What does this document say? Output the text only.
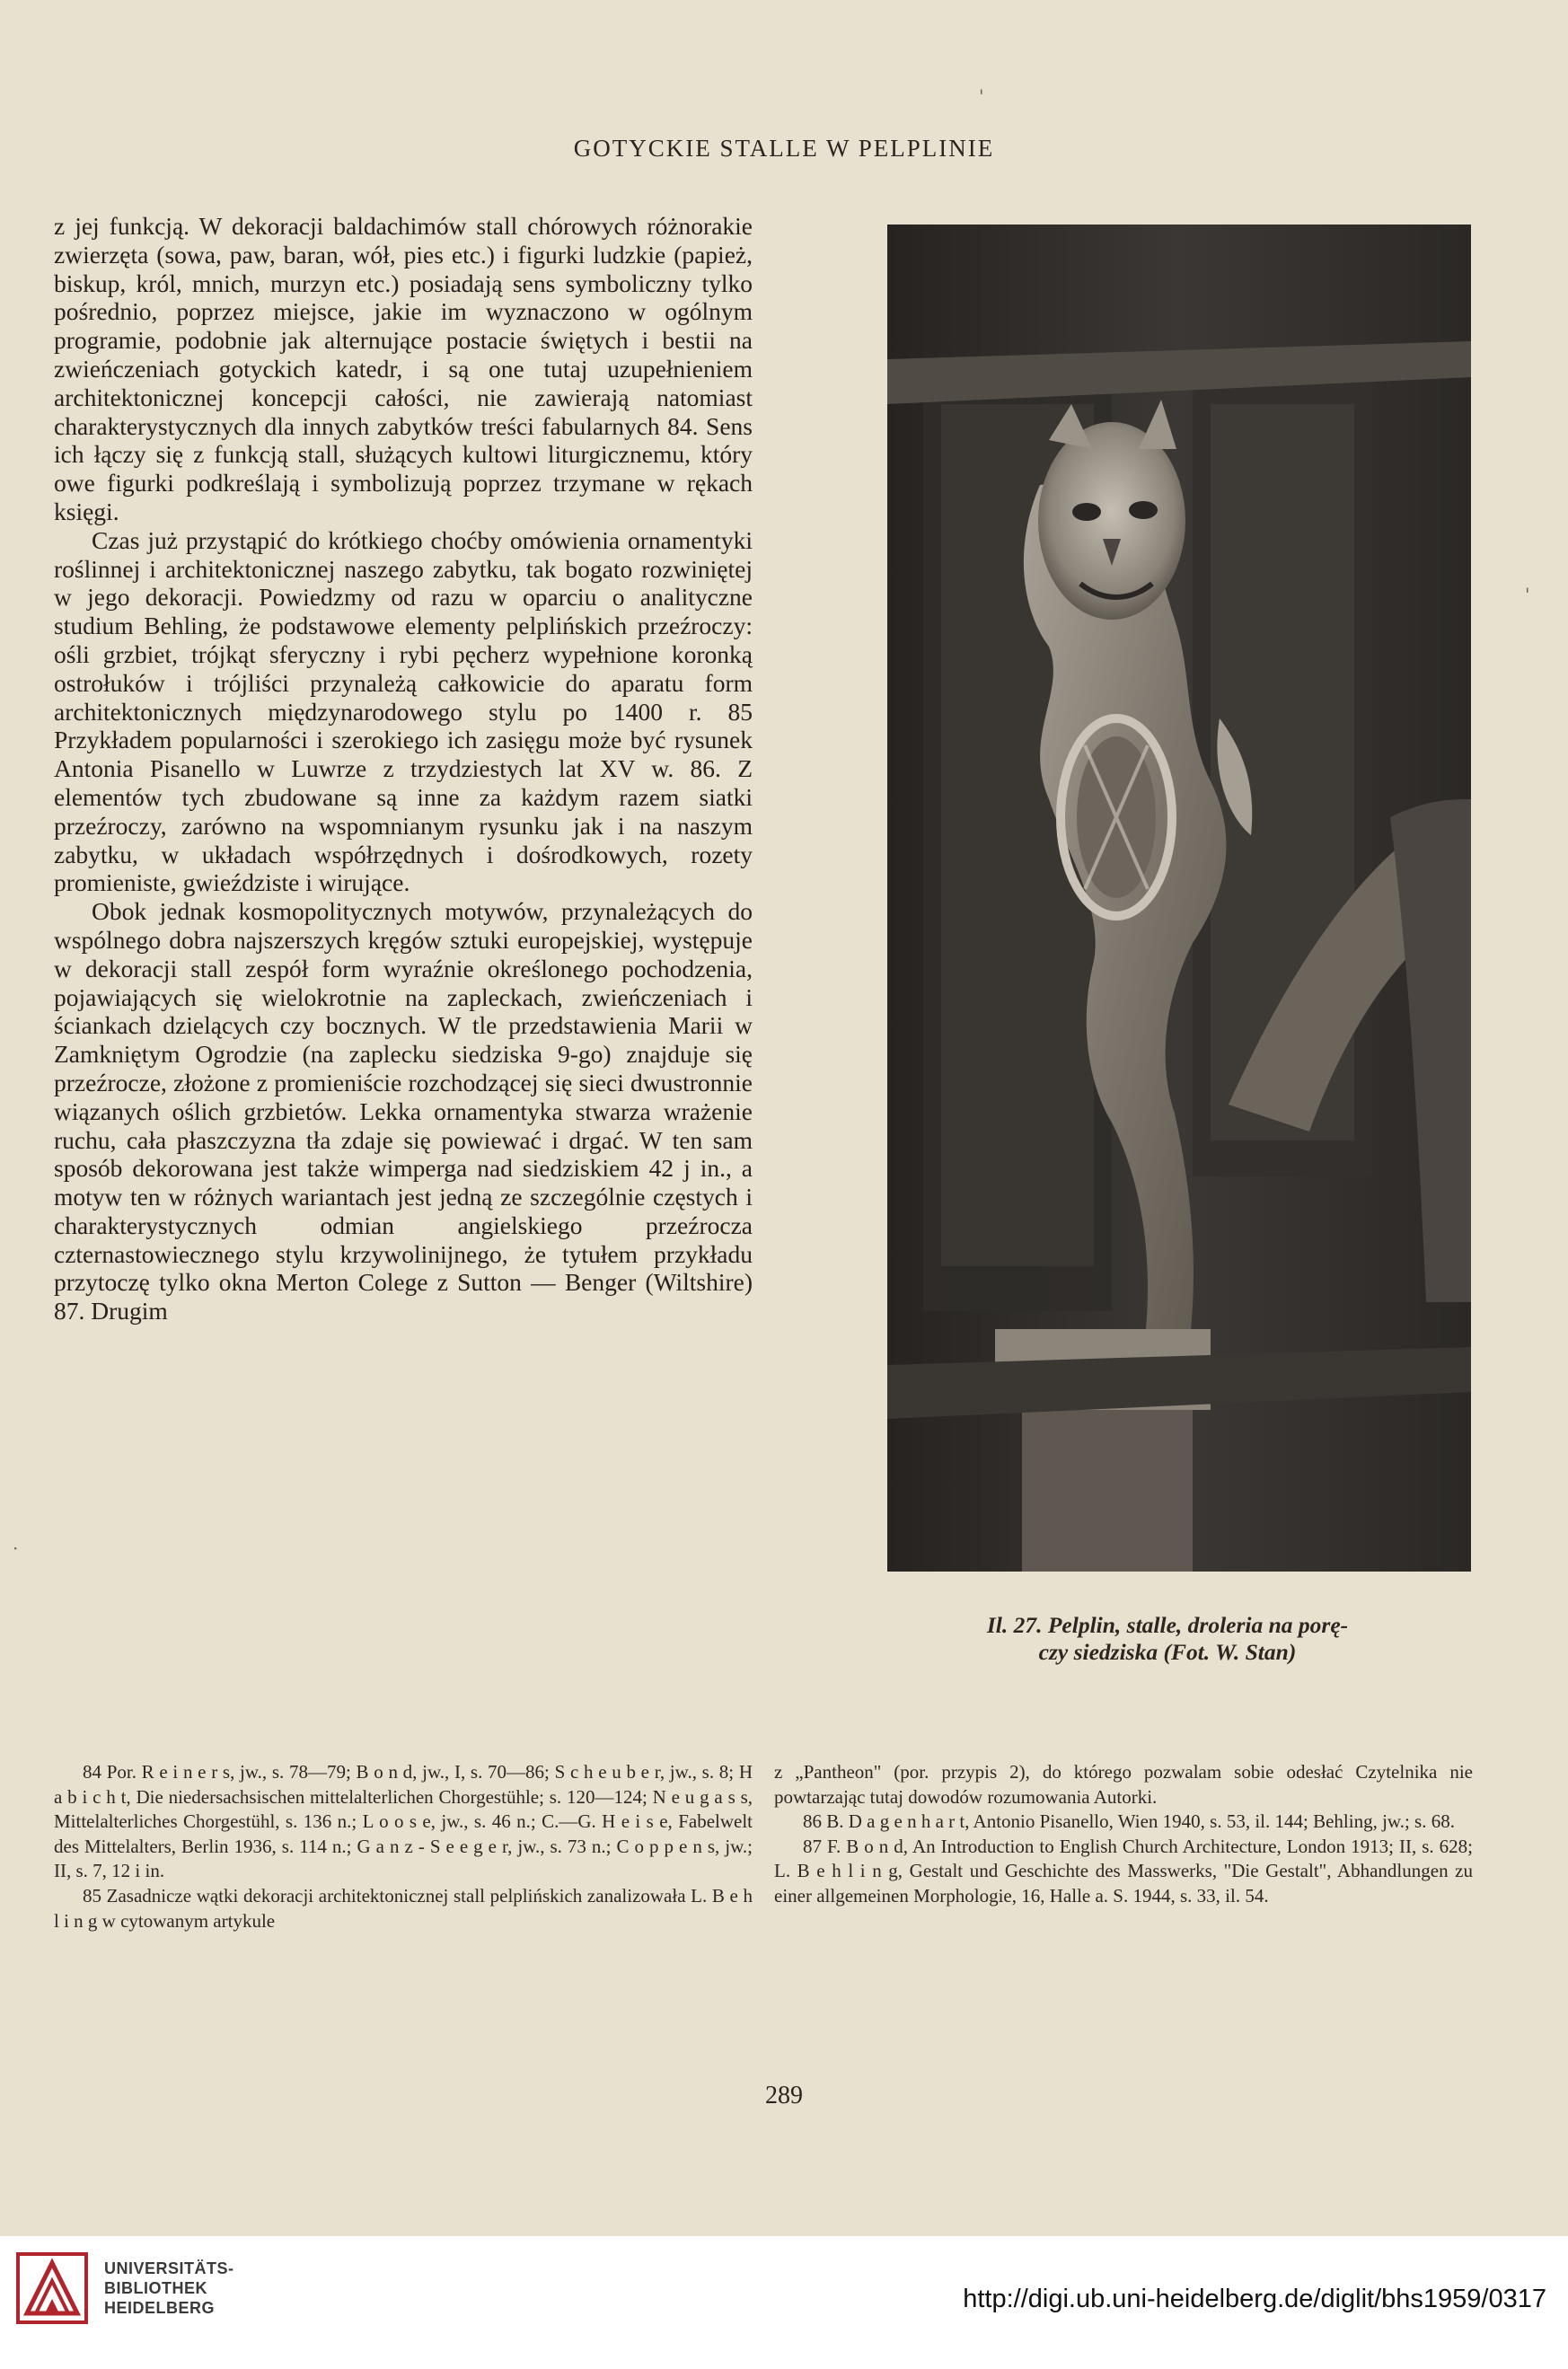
GOTYCKIE STALLE W PELPLINIE

z jej funkcją. W dekoracji baldachimów stall chórowych różnorakie zwierzęta (sowa, paw, baran, wół, pies etc.) i figurki ludzkie (papież, biskup, król, mnich, murzyn etc.) posiadają sens symboliczny tylko pośrednio, poprzez miejsce, jakie im wyznaczono w ogólnym programie, podobnie jak alternujące postacie świętych i bestii na zwieńczeniach gotyckich katedr, i są one tutaj uzupełnieniem architektonicznej koncepcji całości, nie zawierają natomiast charakterystycznych dla innych zabytków treści fabularnych 84. Sens ich łączy się z funkcją stall, służących kultowi liturgicznemu, który owe figurki podkreślają i symbolizują poprzez trzymane w rękach księgi.

Czas już przystąpić do krótkiego choćby omówienia ornamentyki roślinnej i architektonicznej naszego zabytku, tak bogato rozwiniętej w jego dekoracji. Powiedzmy od razu w oparciu o analityczne studium Behling, że podstawowe elementy pelplińskich przeźroczy: ośli grzbiet, trójkąt sferyczny i rybi pęcherz wypełnione koronką ostrołuków i trójliści przynależą całkowicie do aparatu form architektonicznych międzynarodowego stylu po 1400 r. 85 Przykładem popularności i szerokiego ich zasięgu może być rysunek Antonia Pisanello w Luwrze z trzydziestych lat XV w. 86. Z elementów tych zbudowane są inne za każdym razem siatki przeźroczy, zarówno na wspomnianym rysunku jak i na naszym zabytku, w układach współrzędnych i dośrodkowych, rozety promieniste, gwieździste i wirujące.

Obok jednak kosmopolitycznych motywów, przynależących do wspólnego dobra najszerszych kręgów sztuki europejskiej, występuje w dekoracji stall zespół form wyraźnie określonego pochodzenia, pojawiających się wielokrotnie na zapleckach, zwieńczeniach i ściankach dzielących czy bocznych. W tle przedstawienia Marii w Zamkniętym Ogrodzie (na zaplecku siedziska 9-go) znajduje się przeźrocze, złożone z promieniście rozchodzącej się sieci dwustronnie wiązanych oślich grzbietów. Lekka ornamentyka stwarza wrażenie ruchu, cała płaszczyzna tła zdaje się powiewać i drgać. W ten sam sposób dekorowana jest także wimperga nad siedziskiem 42 j in., a motyw ten w różnych wariantach jest jedną ze szczególnie częstych i charakterystycznych odmian angielskiego przeźrocza czternastowiecznego stylu krzywolinijnego, że tytułem przykładu przytoczę tylko okna Merton Colege z Sutton — Benger (Wiltshire) 87. Drugim

Il. 27. Pelplin, stalle, droleria na porę-
czy siedziska (Fot. W. Stan)

84 Por. R e i n e r s, jw., s. 78—79; B o n d, jw., I, s. 70—86; S c h e u b e r, jw., s. 8; H a b i c h t, Die niedersachsischen mittelalterlichen Chorgestühle; s. 120—124; N e u g a s s, Mittelalterliches Chorgestühl, s. 136 n.; L o o s e, jw., s. 46 n.; C.—G. H e i s e, Fabelwelt des Mittelalters, Berlin 1936, s. 114 n.; G a n z - S e e g e r, jw., s. 73 n.; C o p p e n s, jw.; II, s. 7, 12 i in.

85 Zasadnicze wątki dekoracji architektonicznej stall pelplińskich zanalizowała L. B e h l i n g w cytowanym artykule

z „Pantheon" (por. przypis 2), do którego pozwalam sobie odesłać Czytelnika nie powtarzając tutaj dowodów rozumowania Autorki.

86 B. D a g e n h a r t, Antonio Pisanello, Wien 1940, s. 53, il. 144; Behling, jw.; s. 68.

87 F. B o n d, An Introduction to English Church Architecture, London 1913; II, s. 628; L. B e h l i n g, Gestalt und Geschichte des Masswerks, "Die Gestalt", Abhandlungen zu einer allgemeinen Morphologie, 16, Halle a. S. 1944, s. 33, il. 54.

289
'
'
·
UNIVERSITÄTS-
BIBLIOTHEK
HEIDELBERG	http://digi.ub.uni-heidelberg.de/diglit/bhs1959/0317
